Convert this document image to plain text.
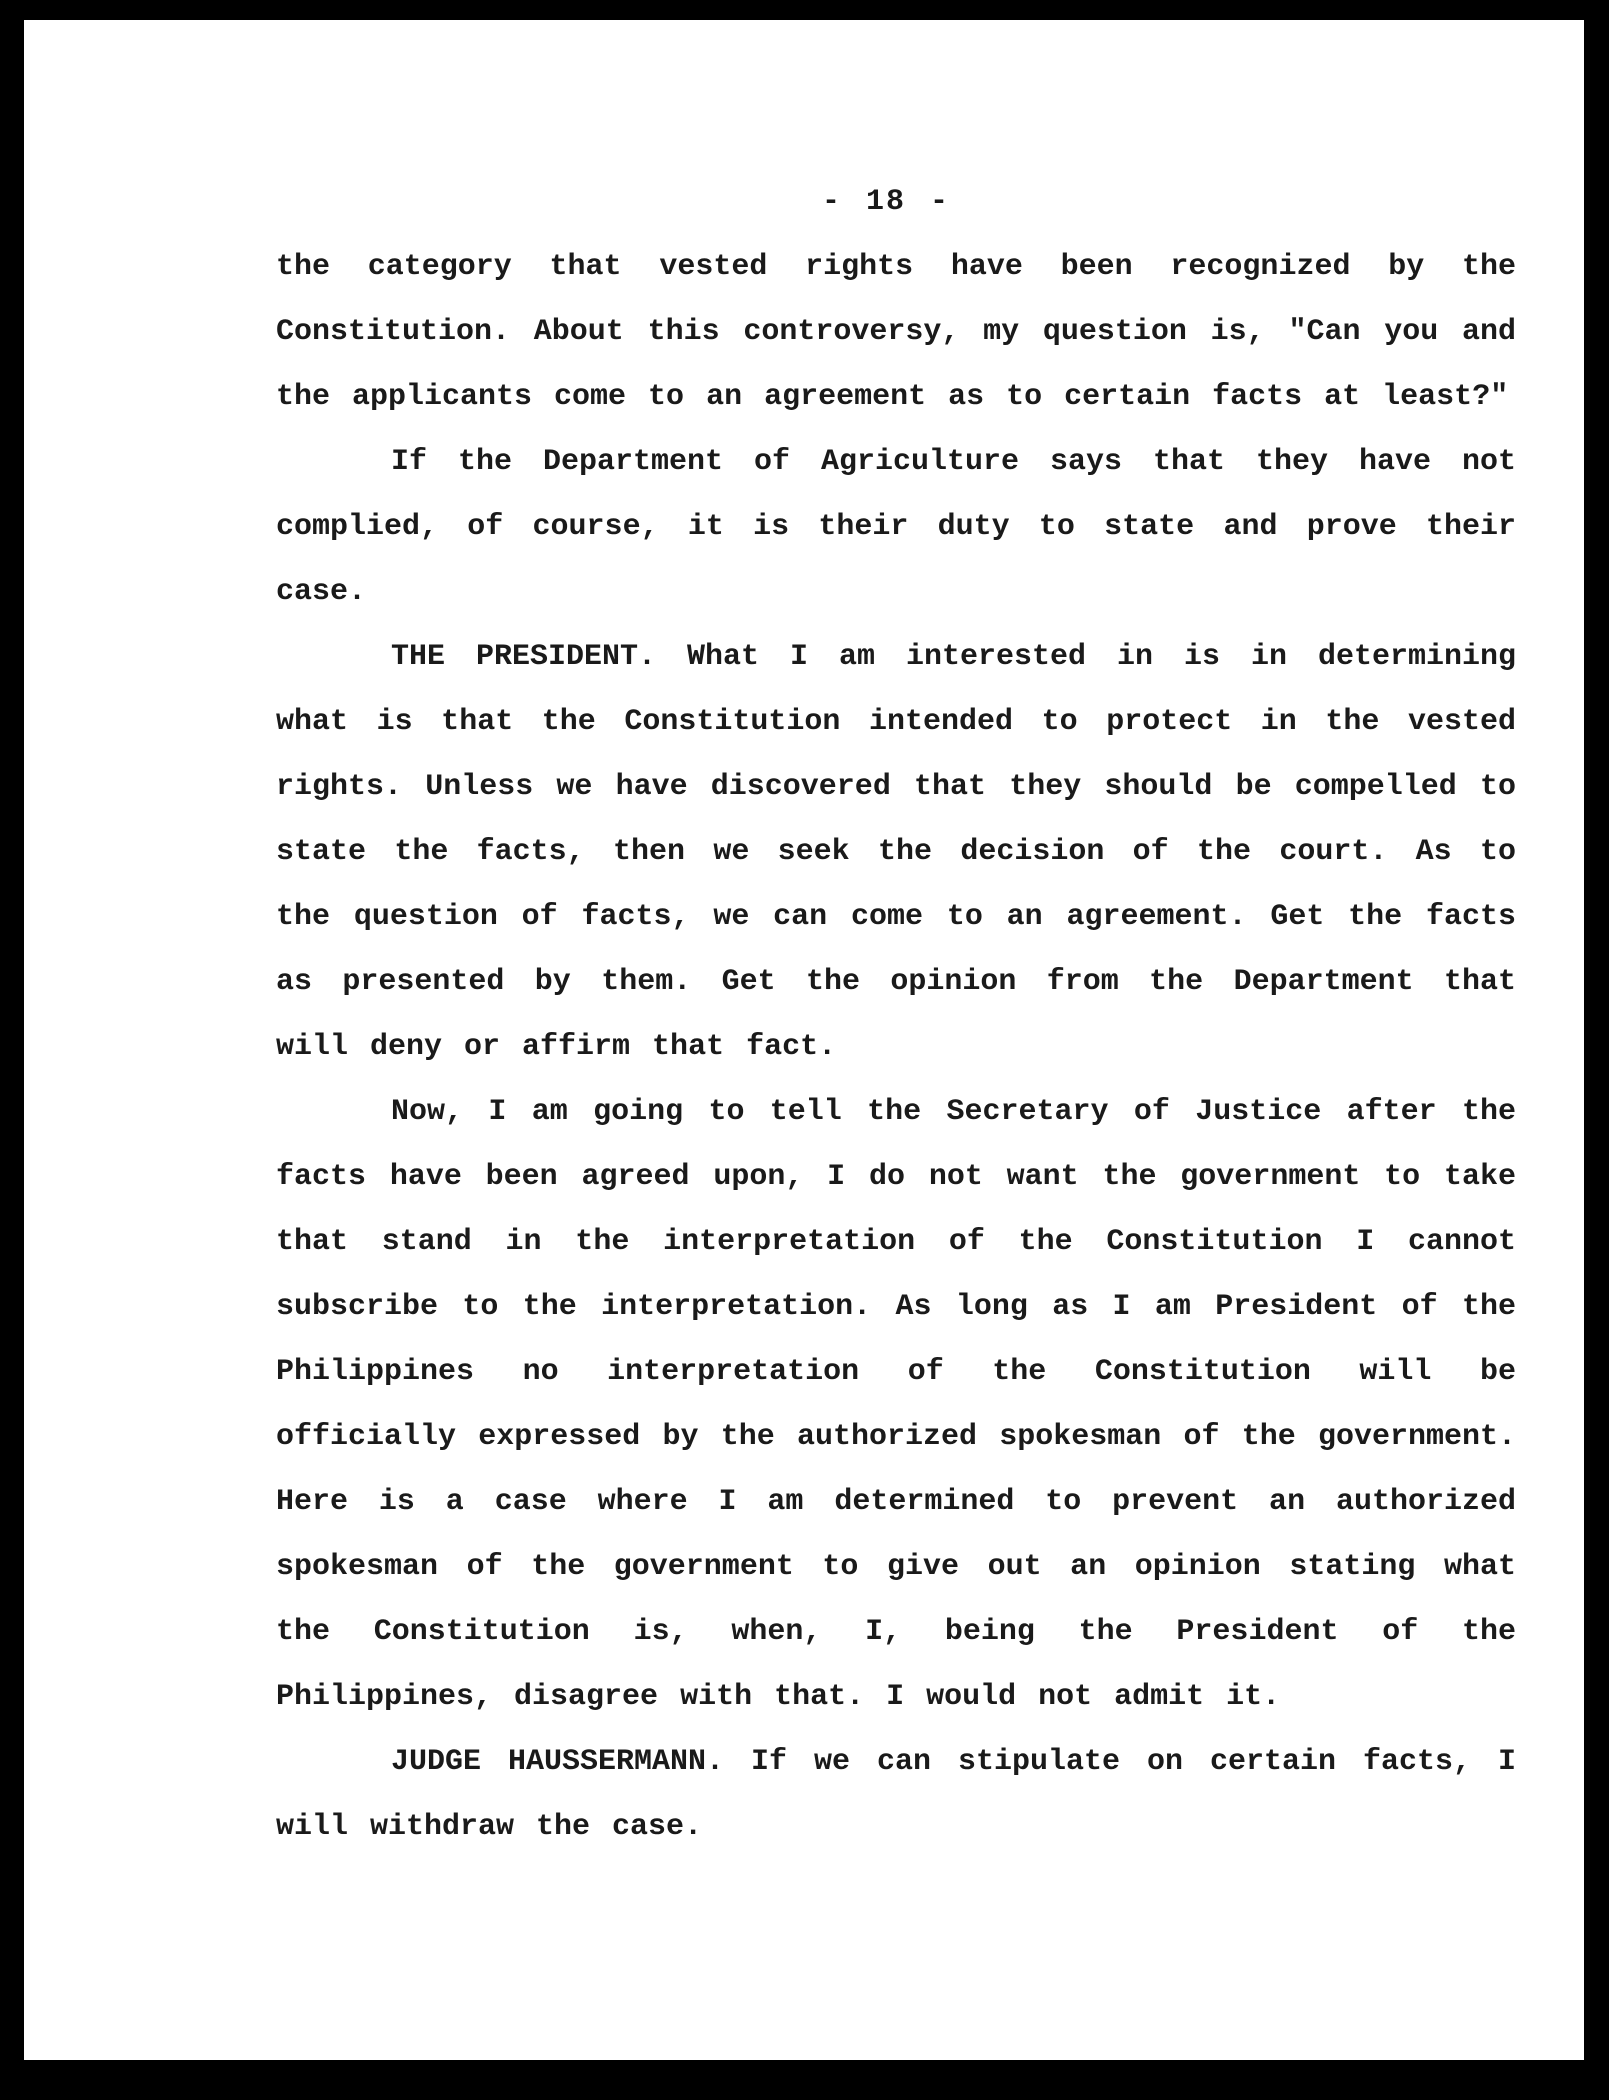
- 18 -

the category that vested rights have been recognized by the Constitution. About this controversy, my question is, "Can you and the applicants come to an agreement as to certain facts at least?"

If the Department of Agriculture says that they have not complied, of course, it is their duty to state and prove their case.

THE PRESIDENT. What I am interested in is in determining what is that the Constitution intended to protect in the vested rights. Unless we have discovered that they should be compelled to state the facts, then we seek the decision of the court. As to the question of facts, we can come to an agreement. Get the facts as presented by them. Get the opinion from the Department that will deny or affirm that fact.

Now, I am going to tell the Secretary of Justice after the facts have been agreed upon, I do not want the government to take that stand in the interpretation of the Constitution I cannot subscribe to the interpretation. As long as I am President of the Philippines no interpretation of the Constitution will be officially expressed by the authorized spokesman of the government. Here is a case where I am determined to prevent an authorized spokesman of the government to give out an opinion stating what the Constitution is, when, I, being the President of the Philippines, disagree with that. I would not admit it.

JUDGE HAUSSERMANN. If we can stipulate on certain facts, I will withdraw the case.
